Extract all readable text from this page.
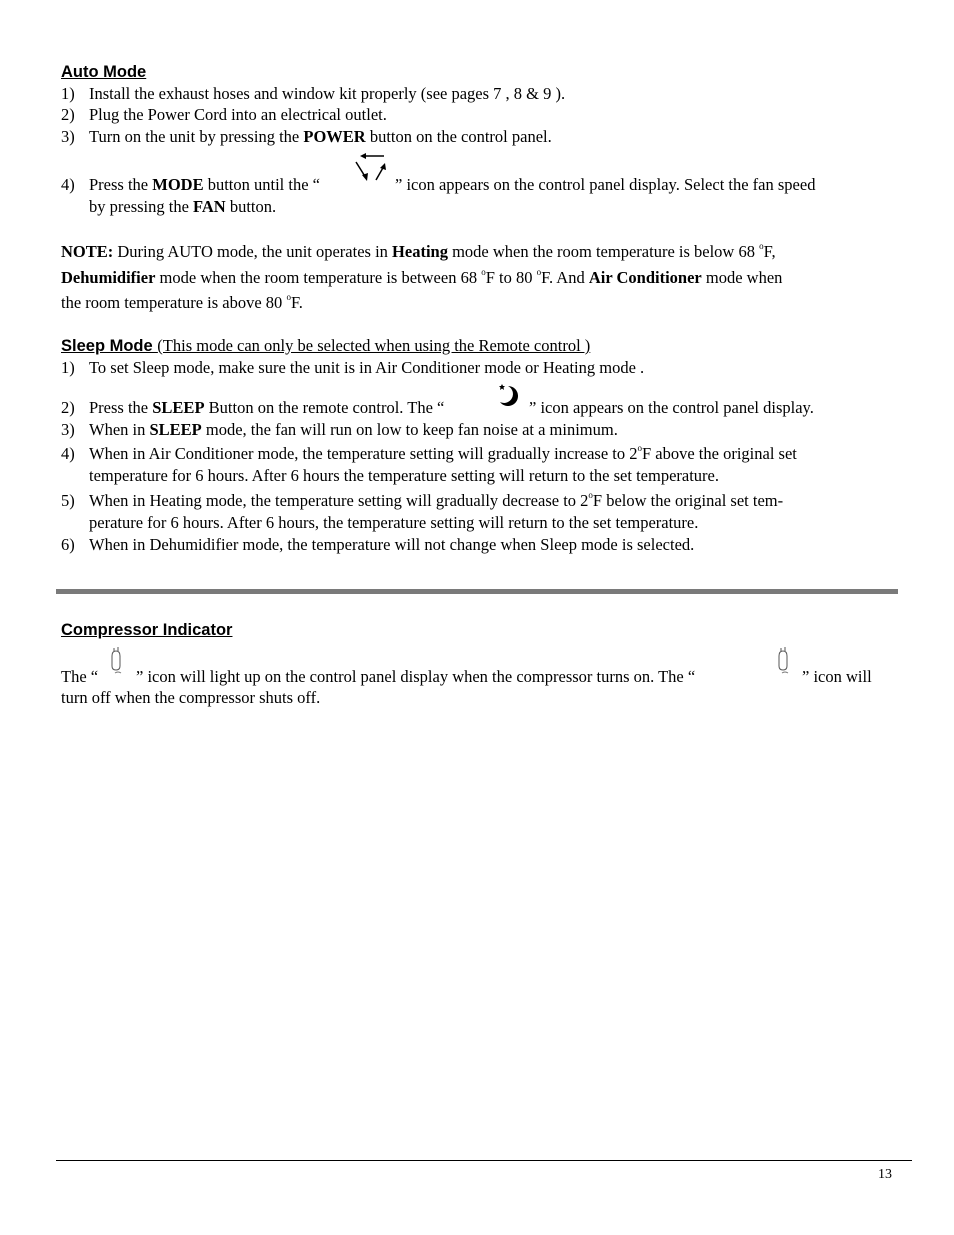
Auto Mode
1) Install the exhaust hoses and window kit properly (see pages 7 , 8 & 9 ).
2) Plug the Power Cord into an electrical outlet.
3) Turn on the unit by pressing the POWER button on the control panel.
4) Press the MODE button until the “	” icon appears on the control panel display. Select the fan speed
by pressing the FAN button.
NOTE: During AUTO mode, the unit operates in Heating mode when the room temperature is below 68 $^o$F,
Dehumidifier mode when the room temperature is between 68 $^o$F to 80 $^o$F. And Air Conditioner mode when
the room temperature is above 80 $^o$F.
Sleep Mode (This mode can only be selected when using the Remote control )
1) To set Sleep mode, make sure the unit is in Air Conditioner mode or Heating mode .
2) Press the SLEEP Button on the remote control. The “	” icon appears on the control panel display.
3) When in SLEEP mode, the fan will run on low to keep fan noise at a minimum.
4) When in Air Conditioner mode, the temperature setting will gradually increase to 2$^o$F above the original set
temperature for 6 hours. After 6 hours the temperature setting will return to the set temperature.
5) When in Heating mode, the temperature setting will gradually decrease to 2$^o$F below the original set tem-
perature for 6 hours. After 6 hours, the temperature setting will return to the set temperature.
6) When in Dehumidifier mode, the temperature will not change when Sleep mode is selected.
Compressor Indicator
The “ ” icon will light up on the control panel display when the compressor turns on. The “	” icon will
turn off when the compressor shuts off.
13
